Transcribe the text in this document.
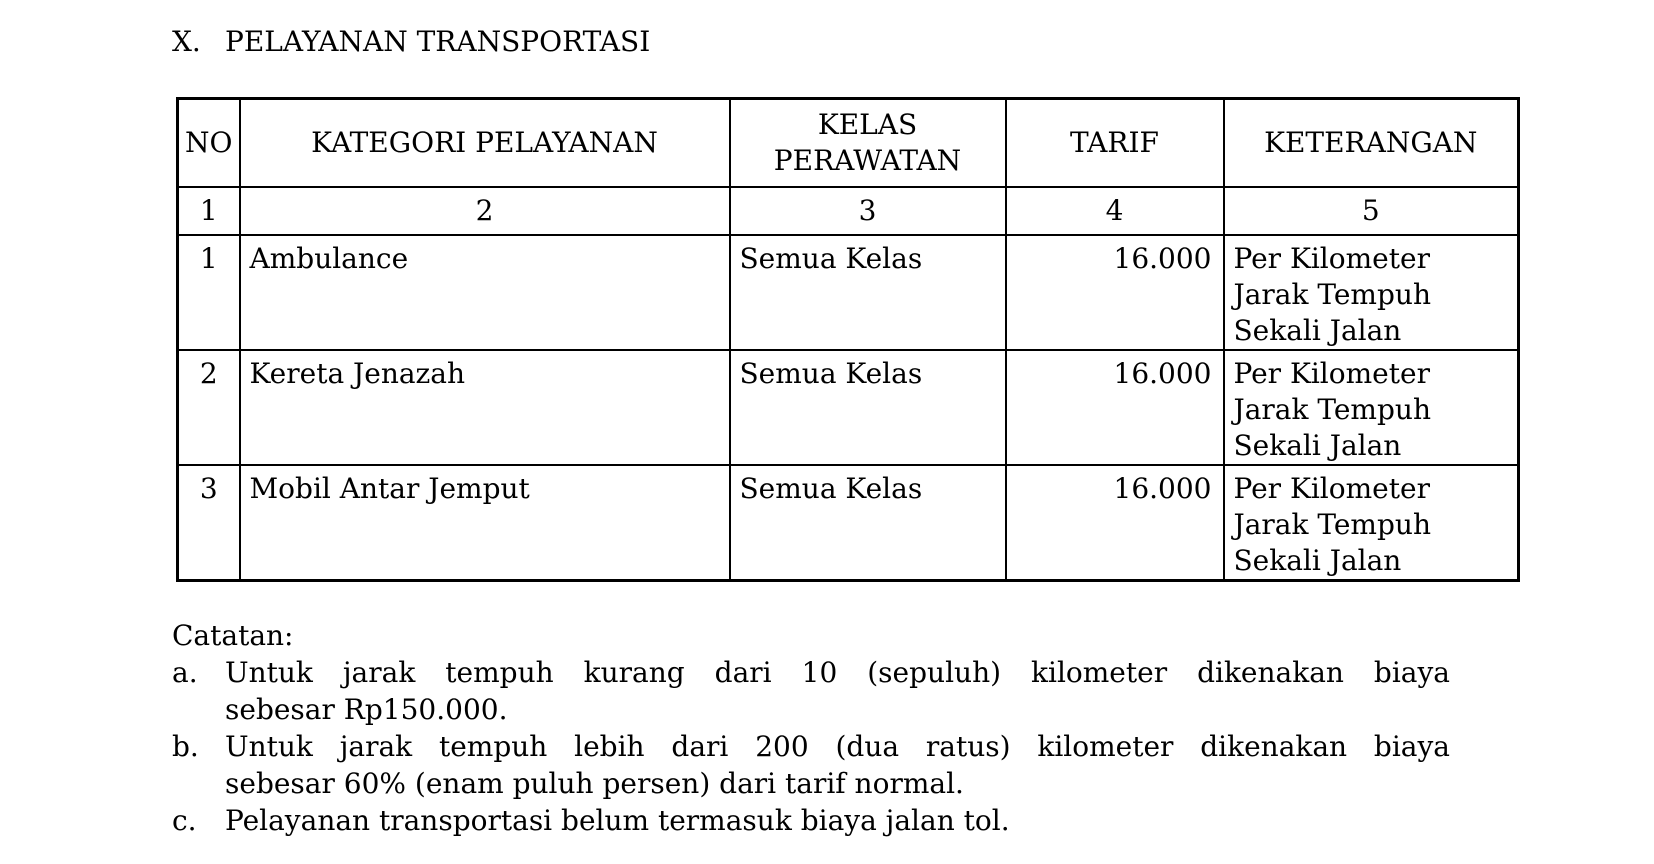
X. PELAYANAN TRANSPORTASI
NO	KATEGORI PELAYANAN	KELAS PERAWATAN	TARIF	KETERANGAN
1	2	3	4	5
1	Ambulance	Semua Kelas	16.000	Per Kilometer
Jarak Tempuh
Sekali Jalan

2	Kereta Jenazah	Semua Kelas	16.000	Per Kilometer
Jarak Tempuh
Sekali Jalan

3	Mobil Antar Jemput	Semua Kelas	16.000	Per Kilometer
Jarak Tempuh
Sekali Jalan
Catatan:
a. Untuk jarak tempuh kurang dari 10 (sepuluh) kilometer dikenakan biaya
sebesar Rp150.000.
b. Untuk jarak tempuh lebih dari 200 (dua ratus) kilometer dikenakan biaya
sebesar 60% (enam puluh persen) dari tarif normal.
c.	Pelayanan transportasi belum termasuk biaya jalan tol.
